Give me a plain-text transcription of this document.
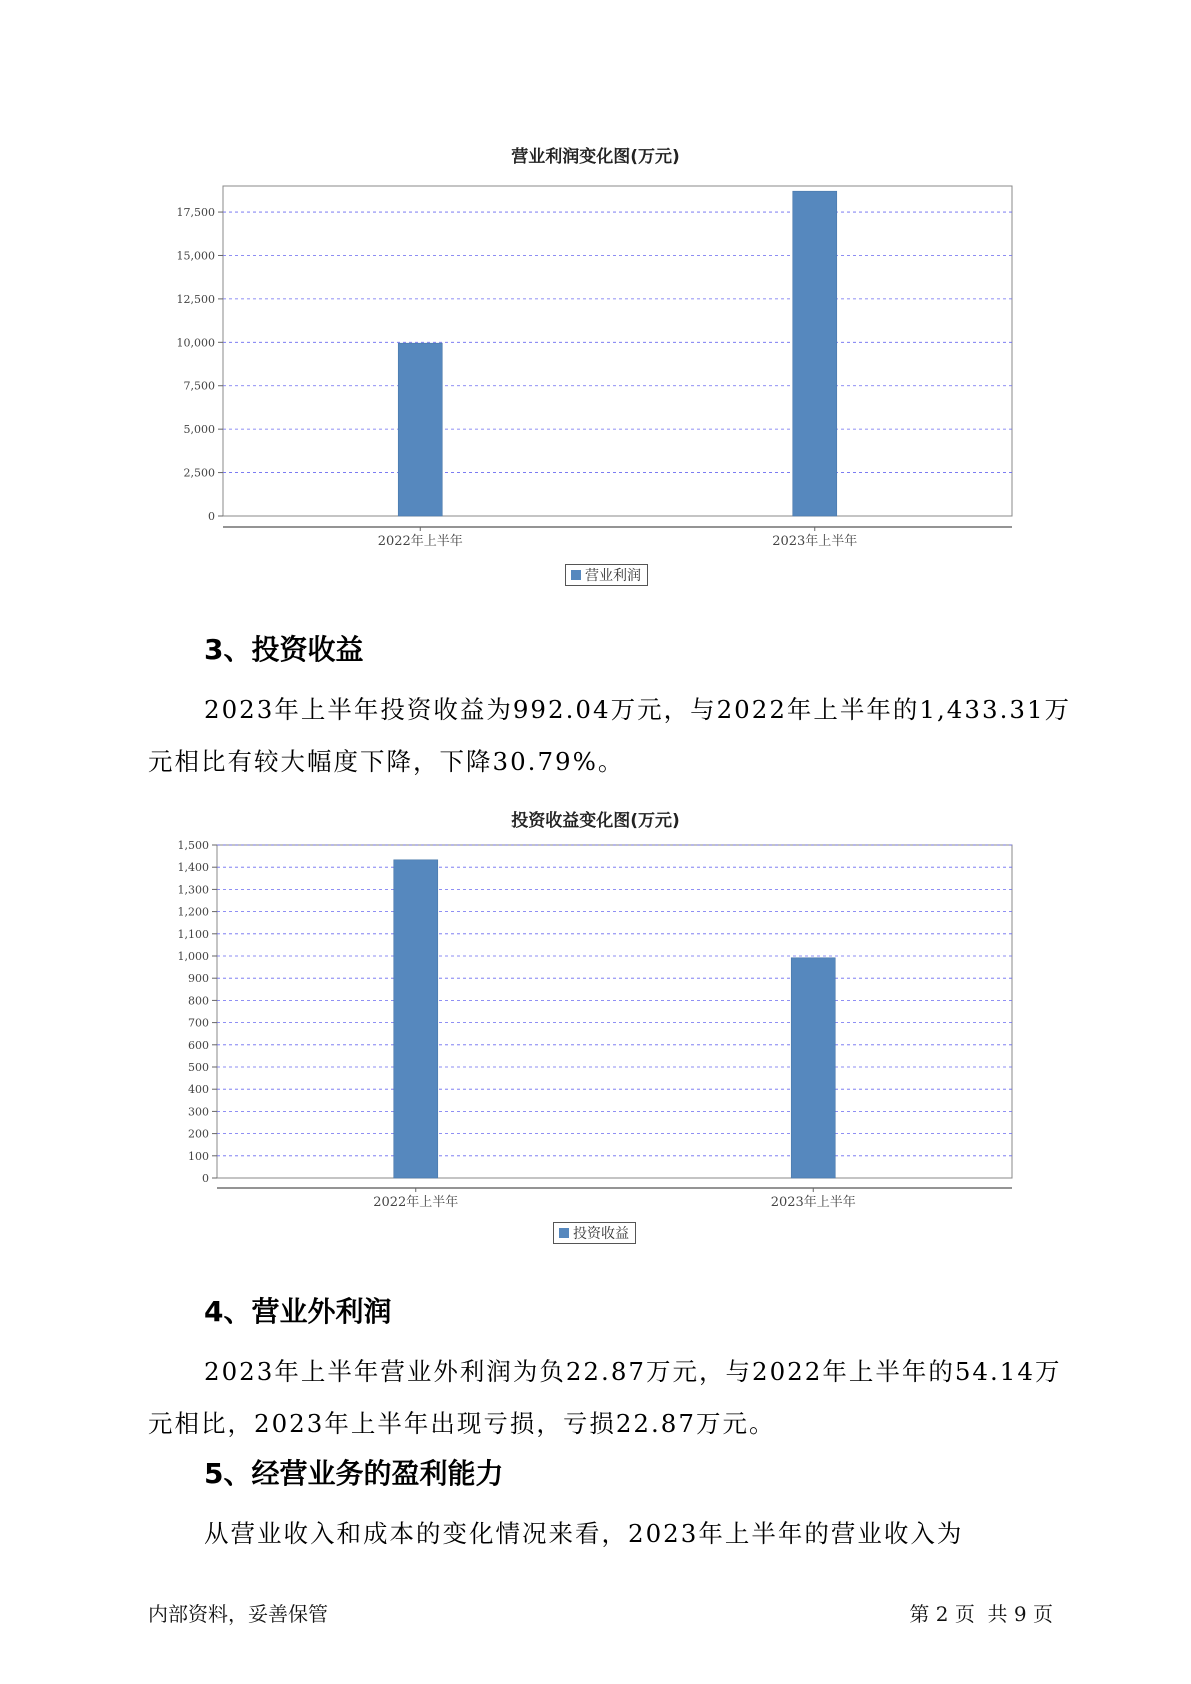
营业利润变化图(万元)
0
2,500
5,000
7,500
10,000
12,500
15,000
17,500
2022年上半年	2023年上半年
营业利润
3、投资收益

2023年上半年投资收益为992.04万元，与2022年上半年的1,433.31万
元相比有较大幅度下降，下降30.79%。

投资收益变化图(万元)
0
100
200
300
400
500
600
700
800
900
1,000
1,100
1,200
1,300
1,400
1,500
2022年上半年	2023年上半年
投资收益
4、营业外利润

2023年上半年营业外利润为负22.87万元，与2022年上半年的54.14万
元相比，2023年上半年出现亏损，亏损22.87万元。

5、经营业务的盈利能力

从营业收入和成本的变化情况来看，2023年上半年的营业收入为

内部资料，妥善保管	第 2 页  共 9 页
